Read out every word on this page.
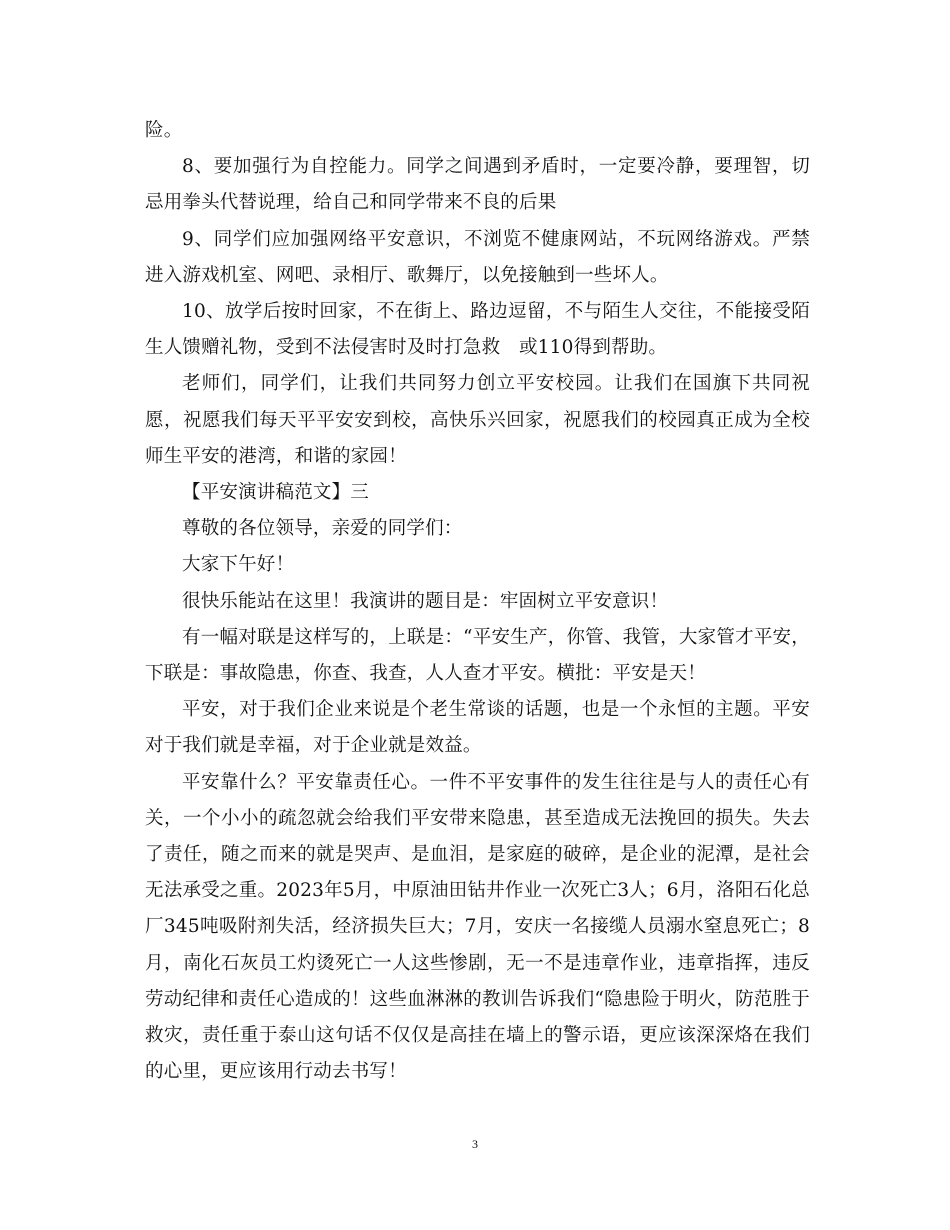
险。

8、要加强行为自控能力。同学之间遇到矛盾时，一定要冷静，要理智，切忌用拳头代替说理，给自己和同学带来不良的后果

9、同学们应加强网络平安意识，不浏览不健康网站，不玩网络游戏。严禁进入游戏机室、网吧、录相厅、歌舞厅，以免接触到一些坏人。

10、放学后按时回家，不在街上、路边逗留，不与陌生人交往，不能接受陌生人馈赠礼物，受到不法侵害时及时打急救　或110得到帮助。

老师们，同学们，让我们共同努力创立平安校园。让我们在国旗下共同祝愿，祝愿我们每天平平安安到校，高快乐兴回家，祝愿我们的校园真正成为全校师生平安的港湾，和谐的家园！

【平安演讲稿范文】三

尊敬的各位领导，亲爱的同学们：

大家下午好！

很快乐能站在这里！我演讲的题目是：牢固树立平安意识！

有一幅对联是这样写的，上联是：“平安生产，你管、我管，大家管才平安，下联是：事故隐患，你查、我查，人人查才平安。横批：平安是天！

平安，对于我们企业来说是个老生常谈的话题，也是一个永恒的主题。平安对于我们就是幸福，对于企业就是效益。

平安靠什么？平安靠责任心。一件不平安事件的发生往往是与人的责任心有关，一个小小的疏忽就会给我们平安带来隐患，甚至造成无法挽回的损失。失去了责任，随之而来的就是哭声、是血泪，是家庭的破碎，是企业的泥潭，是社会无法承受之重。2023年5月，中原油田钻井作业一次死亡3人；6月，洛阳石化总厂345吨吸附剂失活，经济损失巨大；7月，安庆一名接缆人员溺水窒息死亡；8月，南化石灰员工灼烫死亡一人这些惨剧，无一不是违章作业，违章指挥，违反劳动纪律和责任心造成的！这些血淋淋的教训告诉我们“隐患险于明火，防范胜于救灾，责任重于泰山这句话不仅仅是高挂在墙上的警示语，更应该深深烙在我们的心里，更应该用行动去书写！

3
